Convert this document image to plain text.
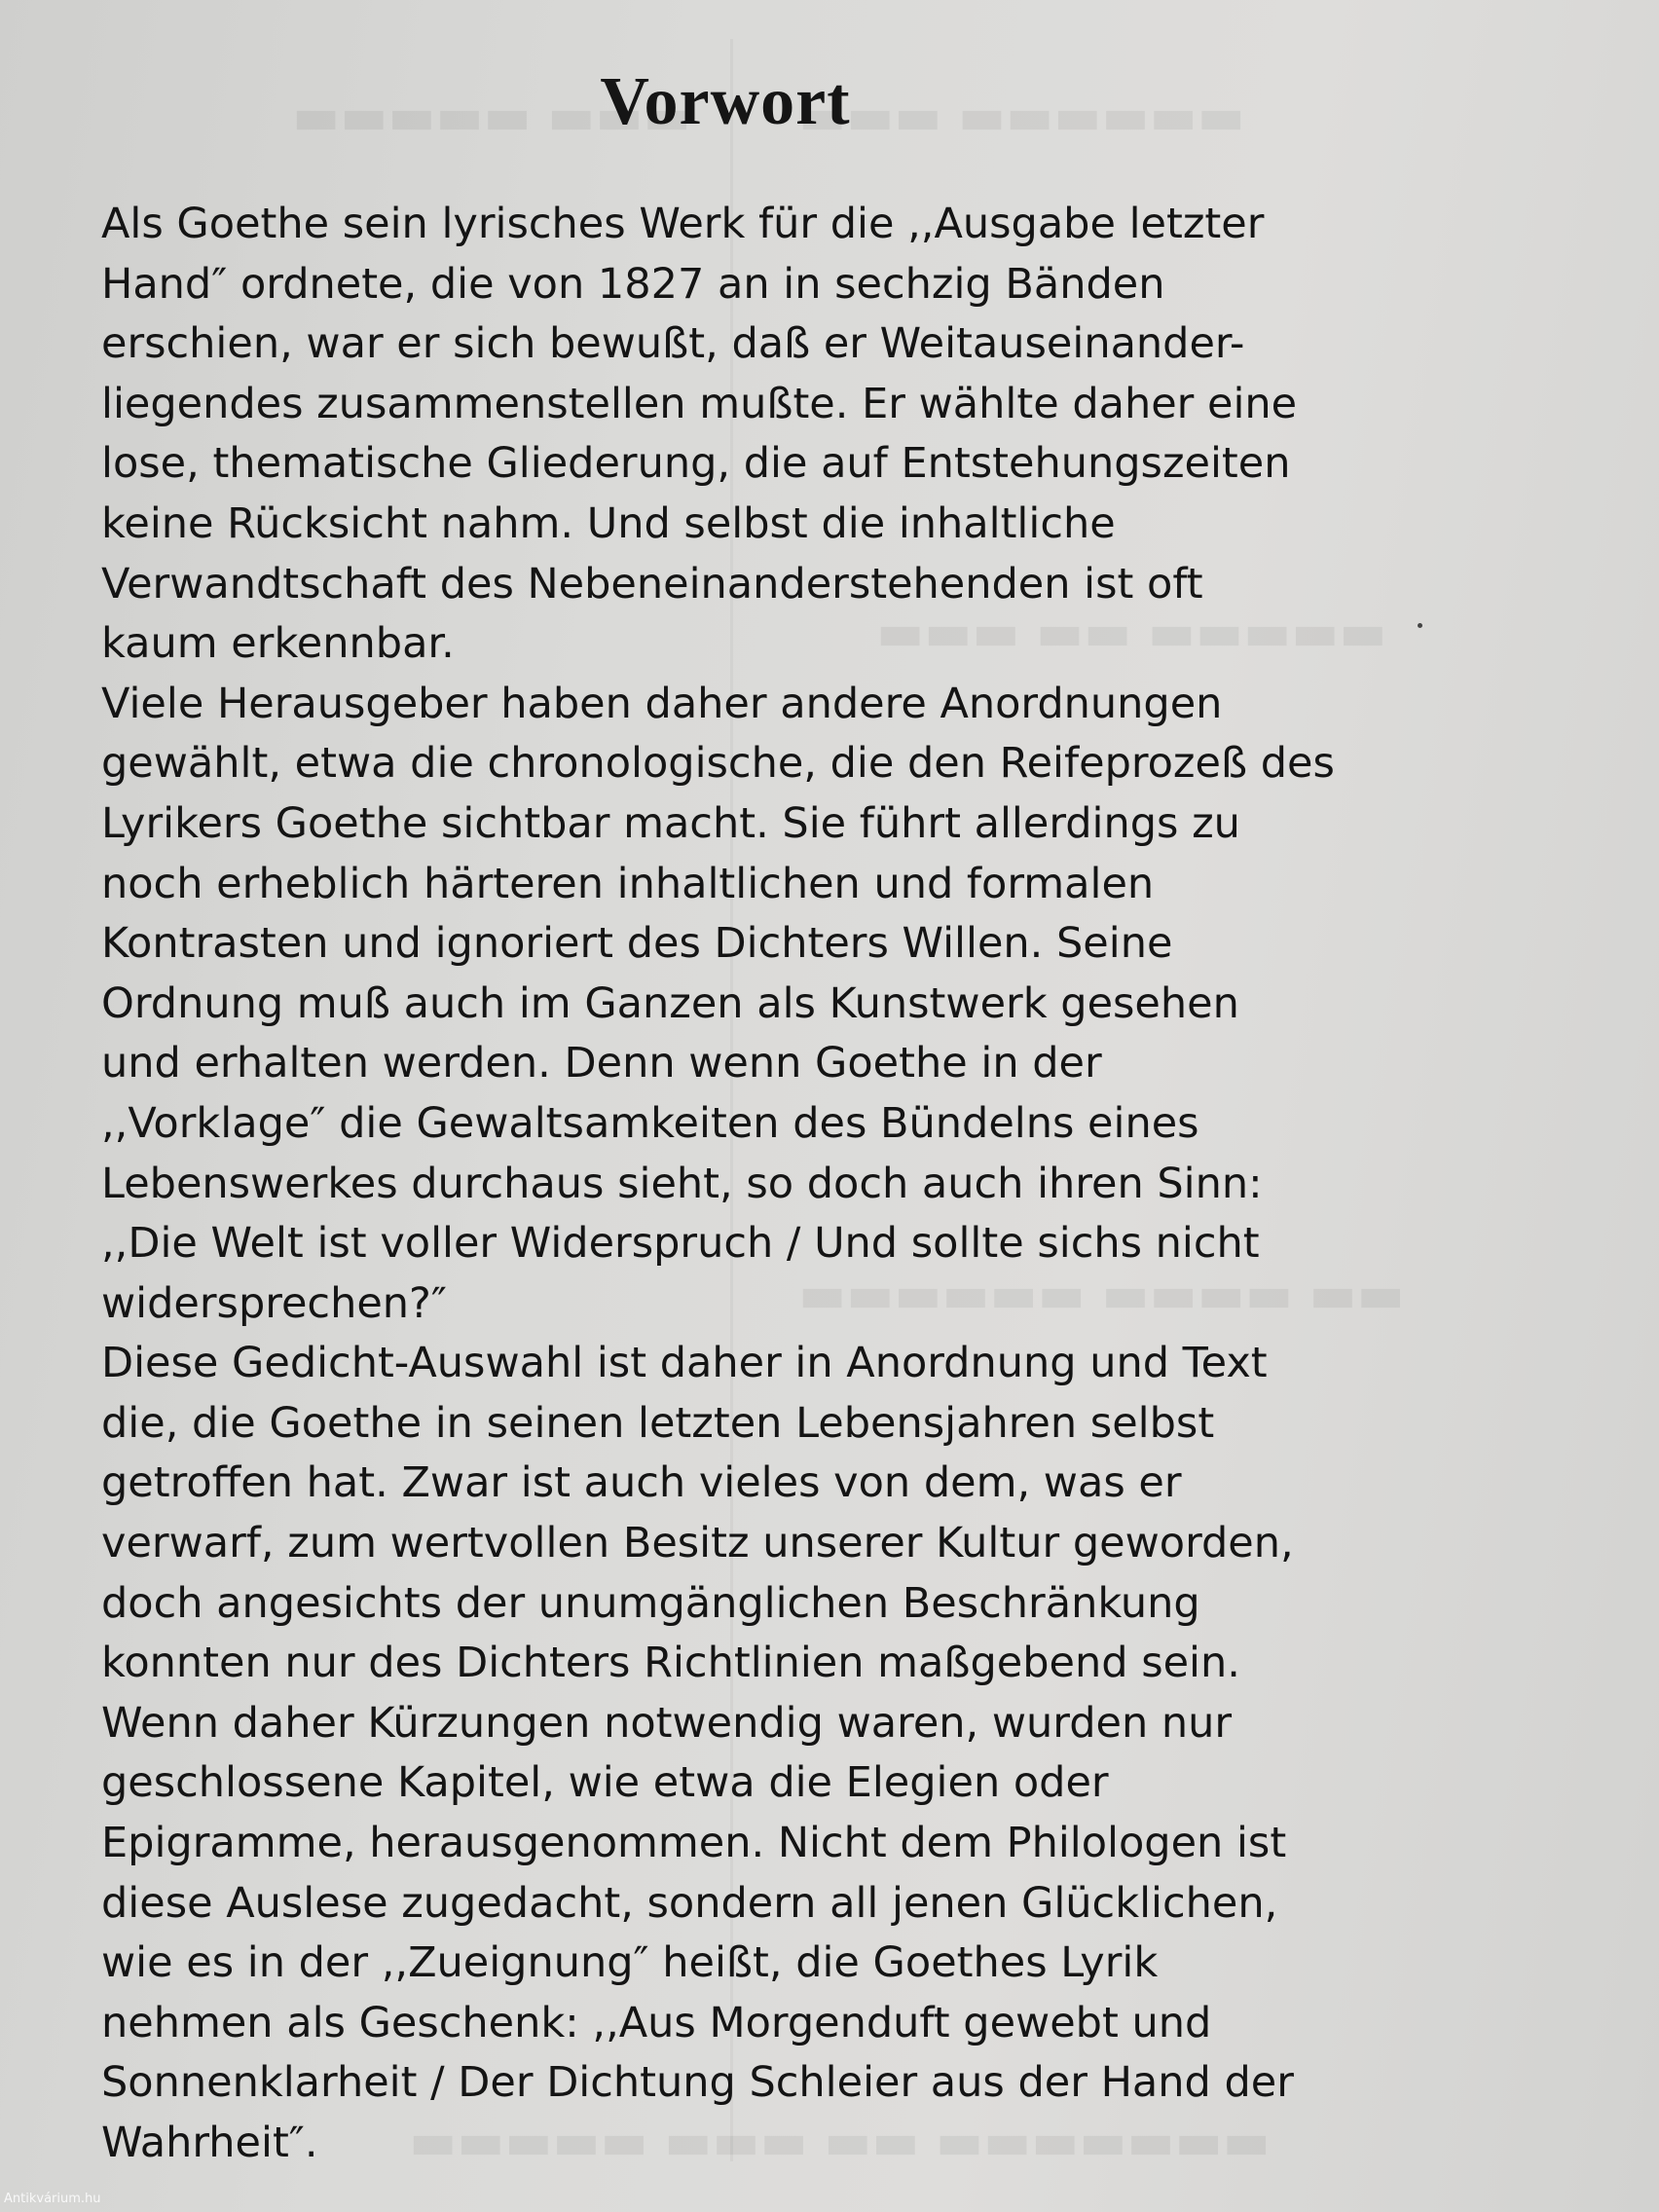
▬▬▬▬▬ ▬▬▬ ▬▬▬ ▬▬▬▬▬▬
▬▬▬ ▬▬ ▬▬▬▬▬
▬▬▬▬▬▬ ▬▬▬▬ ▬▬
▬▬▬▬▬ ▬▬▬ ▬▬ ▬▬▬▬▬▬▬
Vorwort
Als Goethe sein lyrisches Werk für die ,,Ausgabe letzter
Hand″ ordnete, die von 1827 an in sechzig Bänden
erschien, war er sich bewußt, daß er Weitauseinander-
liegendes zusammenstellen mußte. Er wählte daher eine
lose, thematische Gliederung, die auf Entstehungszeiten
keine Rücksicht nahm. Und selbst die inhaltliche
Verwandtschaft des Nebeneinanderstehenden ist oft
kaum erkennbar.
Viele Herausgeber haben daher andere Anordnungen
gewählt, etwa die chronologische, die den Reifeprozeß des
Lyrikers Goethe sichtbar macht. Sie führt allerdings zu
noch erheblich härteren inhaltlichen und formalen
Kontrasten und ignoriert des Dichters Willen. Seine
Ordnung muß auch im Ganzen als Kunstwerk gesehen
und erhalten werden. Denn wenn Goethe in der
,,Vorklage″ die Gewaltsamkeiten des Bündelns eines
Lebenswerkes durchaus sieht, so doch auch ihren Sinn:
,,Die Welt ist voller Widerspruch / Und sollte sichs nicht
widersprechen?″
Diese Gedicht-Auswahl ist daher in Anordnung und Text
die, die Goethe in seinen letzten Lebensjahren selbst
getroffen hat. Zwar ist auch vieles von dem, was er
verwarf, zum wertvollen Besitz unserer Kultur geworden,
doch angesichts der unumgänglichen Beschränkung
konnten nur des Dichters Richtlinien maßgebend sein.
Wenn daher Kürzungen notwendig waren, wurden nur
geschlossene Kapitel, wie etwa die Elegien oder
Epigramme, herausgenommen. Nicht dem Philologen ist
diese Auslese zugedacht, sondern all jenen Glücklichen,
wie es in der ,,Zueignung″ heißt, die Goethes Lyrik
nehmen als Geschenk: ,,Aus Morgenduft gewebt und
Sonnenklarheit / Der Dichtung Schleier aus der Hand der
Wahrheit″.
Antikvárium.hu
